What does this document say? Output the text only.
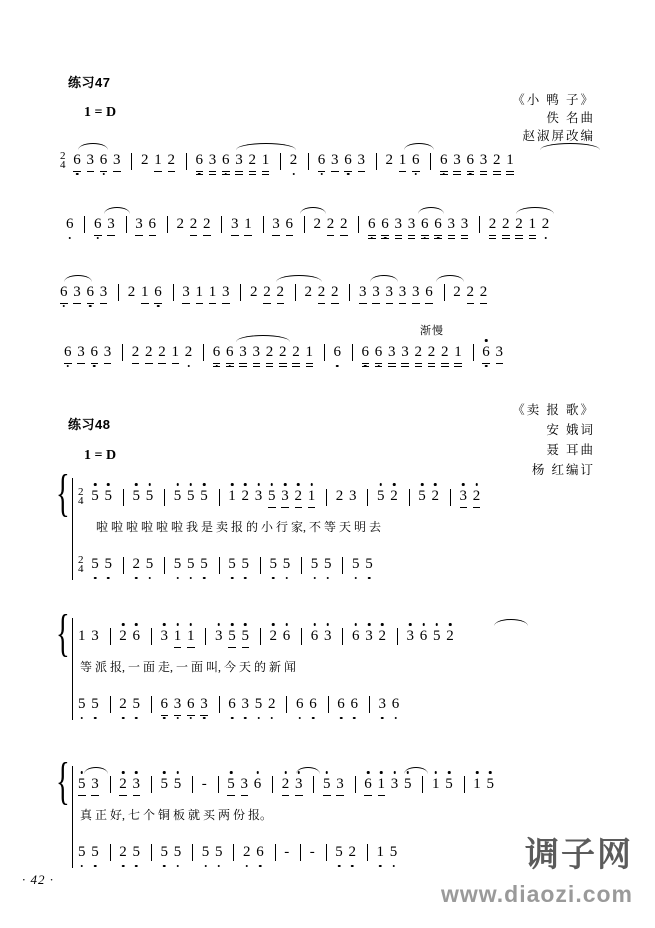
练习47
1 = D
《小 鸭 子》
佚 名曲
赵淑屏改编
2
4 6 3 6 3 2 1 2 6 3 6 3 2 1 2 6 3 6 3 2 1 6 6 3 6 3 2 1
6 6 3 3 6 2 2 2 3 1 3 6 2 2 2 6 6 3 3 6 6 3 3 2 2 2 1 2
6 3 6 3 2 1 6 3 1 1 3 2 2 2 2 2 2 3 3 3 3 3 6 2 2 2
渐慢
6 3 6 3 2 2 2 1 2 6 6 3 3 2 2 2 1 6 6 6 3 3 2 2 2 1 6 3
练习48
1 = D
《卖 报 歌》
安 娥词
聂 耳曲
杨 红编订
{ 2
4 5 5 5 5 5 5 5 1 2 3 5 3 2 1 2 3 5 2 5 2 3 2
啦 啦 啦 啦 啦 啦 我 是 卖 报 的 小 行 家, 不 等 天 明 去
2
4 5 5 2 5 5 5 5 5 5 5 5 5 5 5 5
{ 1 3 2 6 3 1 1 3 5 5 2 6 6 3 6 3 2 3 6 5 2
等 派 报, 一 面 走, 一 面 叫, 今 天 的 新 闻
5 5 2 5 6 3 6 3 6 3 5 2 6 6 6 6 3 6
{ 5 3 2 3 5 5 - 5 3 6 2 3 5 3 6 1 3 5 1 5 1 5
真 正 好, 七 个 铜 板 就 买 两 份 报。
5 5 2 5 5 5 5 5 2 6 - - 5 2 1 5
· 42 ·
调子网
www.diaozi.com
